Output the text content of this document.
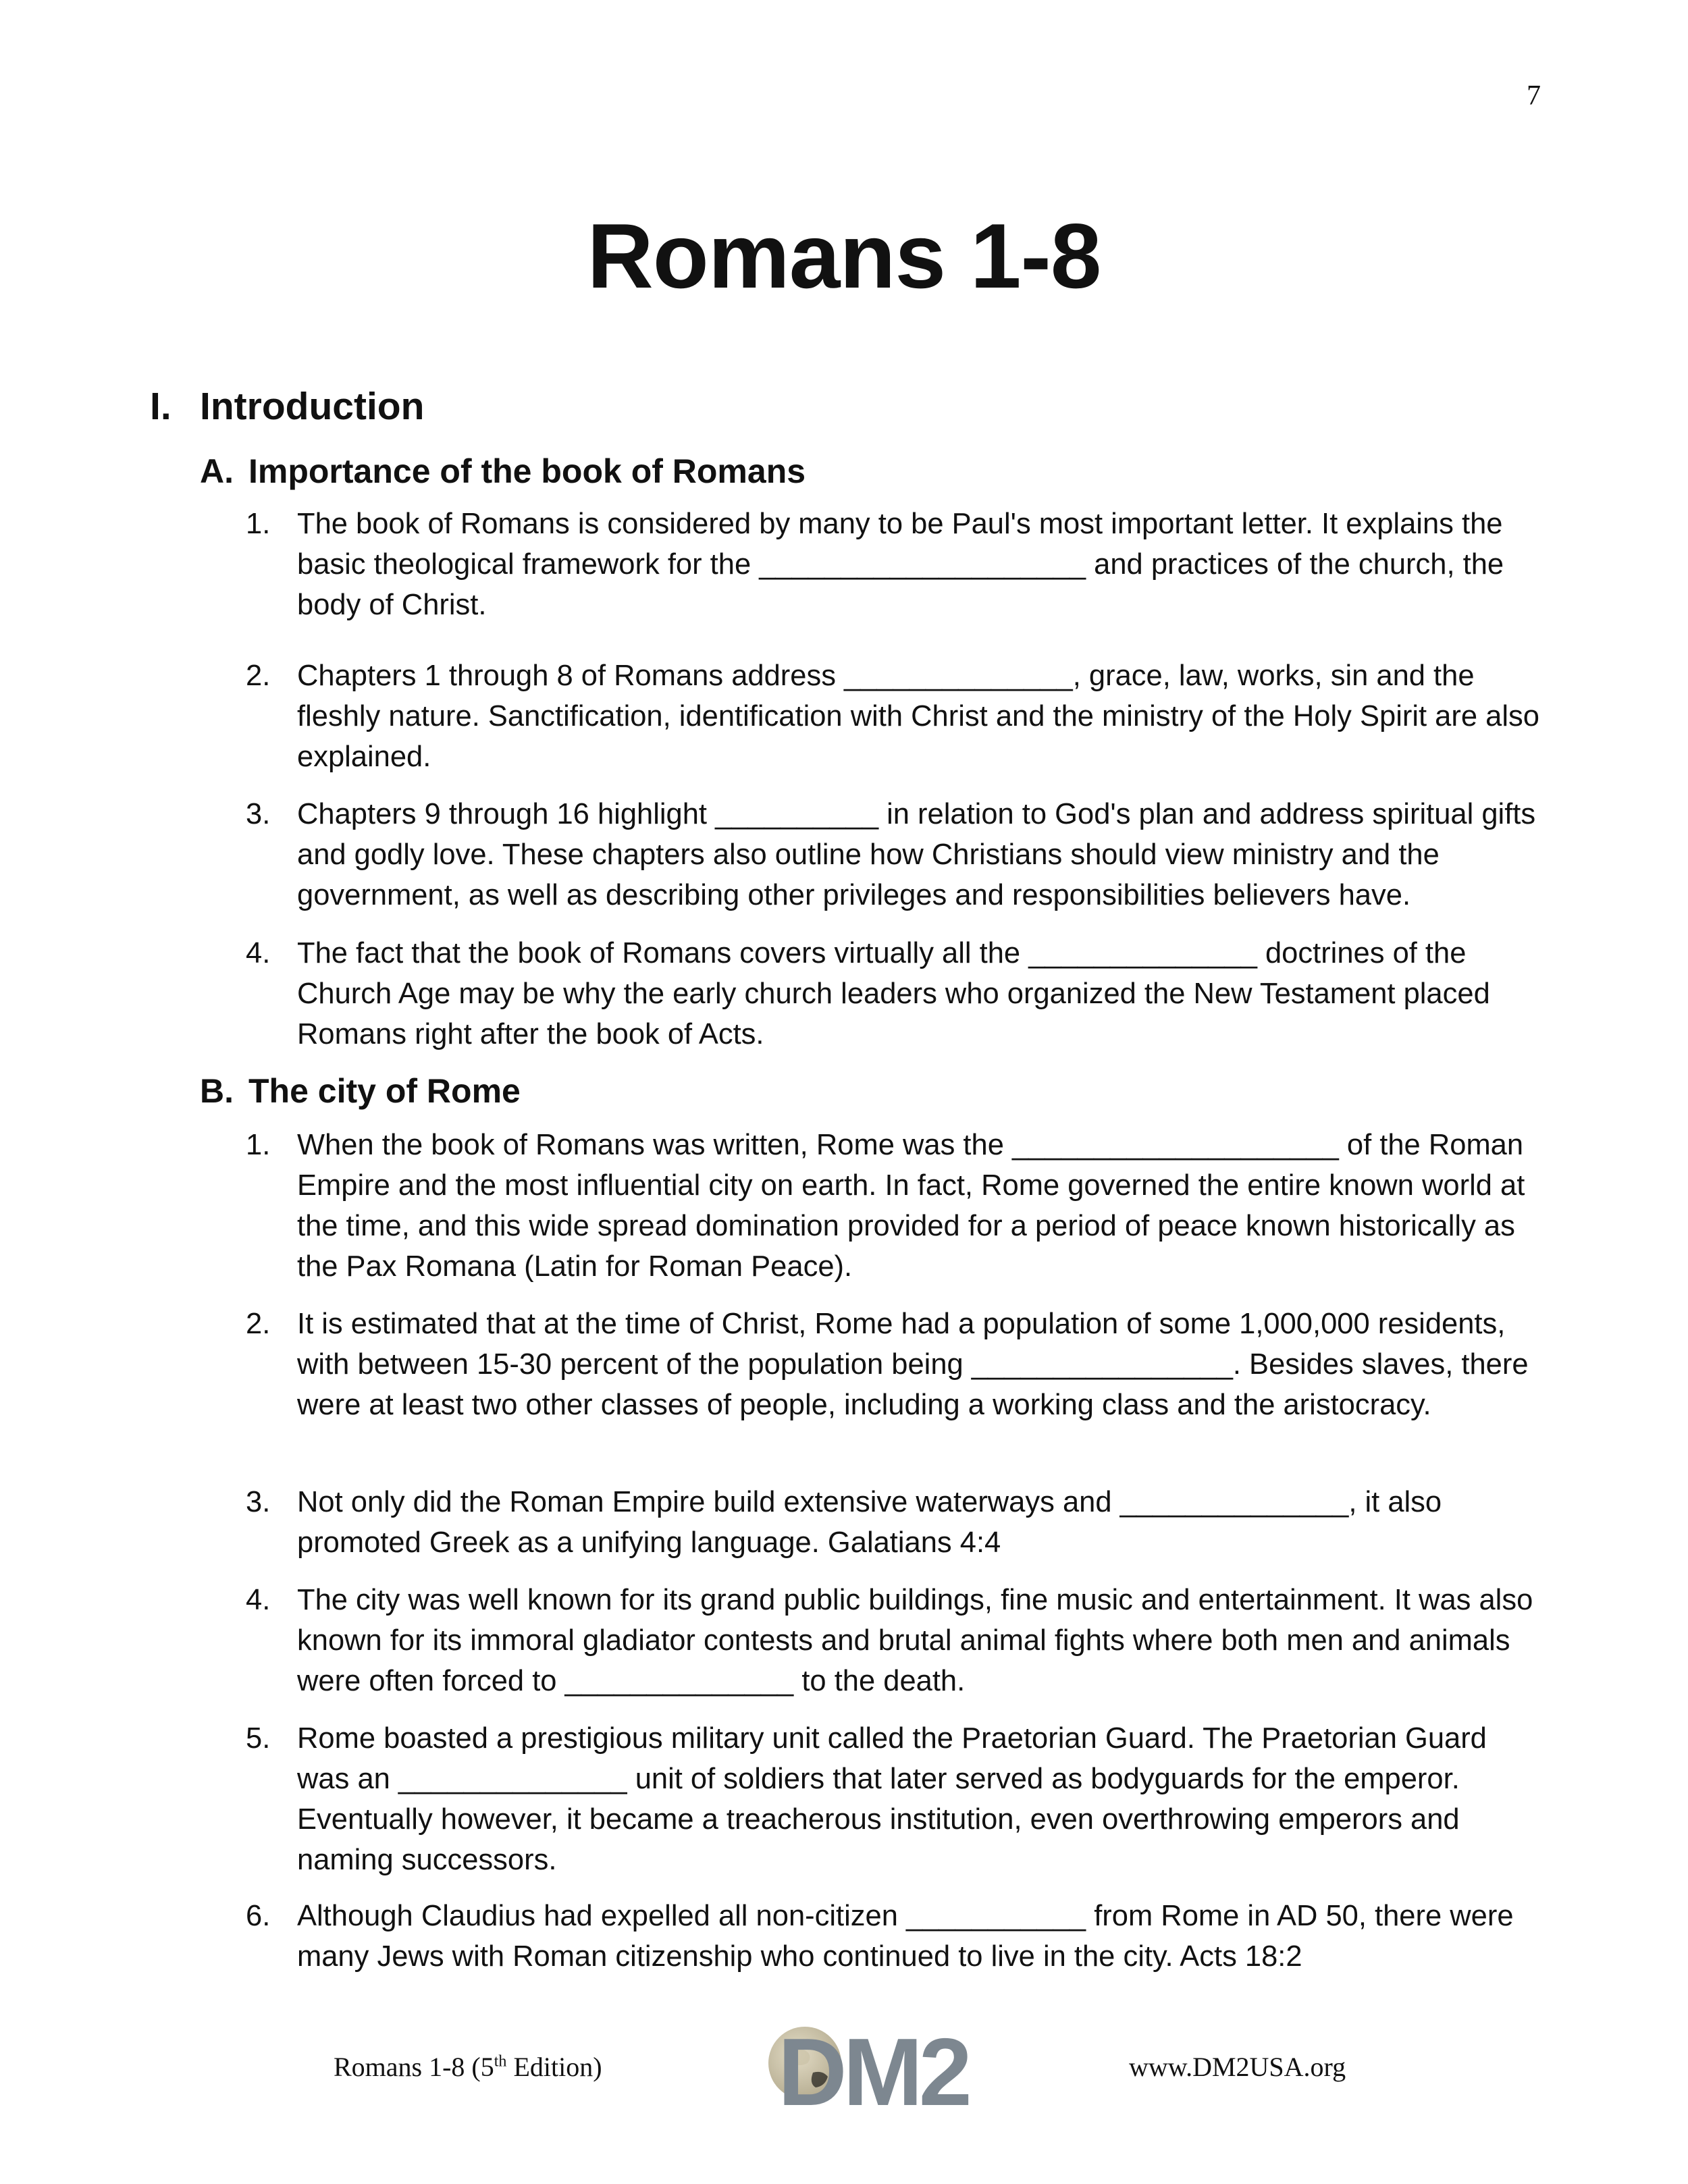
7
Romans 1-8
I. Introduction
A. Importance of the book of Romans
1. The book of Romans is considered by many to be Paul's most important letter. It explains the basic theological framework for the ____________________ and practices of the church, the body of Christ.
2. Chapters 1 through 8 of Romans address ______________, grace, law, works, sin and the fleshly nature. Sanctification, identification with Christ and the ministry of the Holy Spirit are also explained.
3. Chapters 9 through 16 highlight __________ in relation to God's plan and address spiritual gifts and godly love. These chapters also outline how Christians should view ministry and the government, as well as describing other privileges and responsibilities believers have.
4. The fact that the book of Romans covers virtually all the ______________ doctrines of the Church Age may be why the early church leaders who organized the New Testament placed Romans right after the book of Acts.
B. The city of Rome
1. When the book of Romans was written, Rome was the ____________________ of the Roman Empire and the most influential city on earth. In fact, Rome governed the entire known world at the time, and this wide spread domination provided for a period of peace known historically as the Pax Romana (Latin for Roman Peace).
2. It is estimated that at the time of Christ, Rome had a population of some 1,000,000 residents, with between 15-30 percent of the population being ________________. Besides slaves, there were at least two other classes of people, including a working class and the aristocracy.
3. Not only did the Roman Empire build extensive waterways and ______________, it also promoted Greek as a unifying language. Galatians 4:4
4. The city was well known for its grand public buildings, fine music and entertainment. It was also known for its immoral gladiator contests and brutal animal fights where both men and animals were often forced to ______________ to the death.
5. Rome boasted a prestigious military unit called the Praetorian Guard. The Praetorian Guard was an ______________ unit of soldiers that later served as bodyguards for the emperor. Eventually however, it became a treacherous institution, even overthrowing emperors and naming successors.
6. Although Claudius had expelled all non-citizen ___________ from Rome in AD 50, there were many Jews with Roman citizenship who continued to live in the city. Acts 18:2
Romans 1-8 (5th Edition) DM2	www.DM2USA.org
